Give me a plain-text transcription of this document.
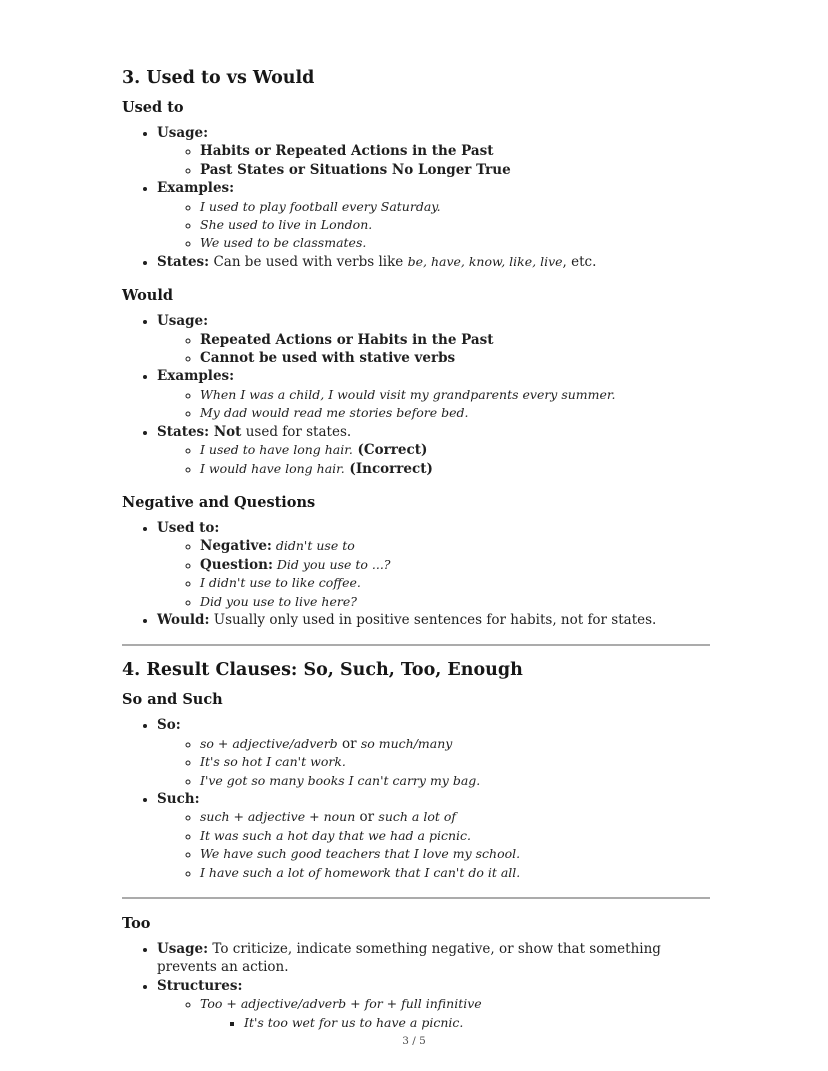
3. Used to vs Would
Used to
• Usage:
◦ Habits or Repeated Actions in the Past
◦ Past States or Situations No Longer True
• Examples:
◦ I used to play football every Saturday.
◦ She used to live in London.
◦ We used to be classmates.
• States: Can be used with verbs like be, have, know, like, live, etc.
Would
• Usage:
◦ Repeated Actions or Habits in the Past
◦ Cannot be used with stative verbs
• Examples:
◦ When I was a child, I would visit my grandparents every summer.
◦ My dad would read me stories before bed.
• States: Not used for states.
◦ I used to have long hair. (Correct)
◦ I would have long hair. (Incorrect)
Negative and Questions
• Used to:
◦ Negative: didn't use to
◦ Question: Did you use to ...?
◦ I didn't use to like coffee.
◦ Did you use to live here?
• Would: Usually only used in positive sentences for habits, not for states.
4. Result Clauses: So, Such, Too, Enough
So and Such
• So:
◦ so + adjective/adverb or so much/many
◦ It's so hot I can't work.
◦ I've got so many books I can't carry my bag.
• Such:
◦ such + adjective + noun or such a lot of
◦ It was such a hot day that we had a picnic.
◦ We have such good teachers that I love my school.
◦ I have such a lot of homework that I can't do it all.
Too
• Usage: To criticize, indicate something negative, or show that something prevents an action.
• Structures:
◦ Too + adjective/adverb + for + full infinitive
▪ It's too wet for us to have a picnic.
3 / 5
